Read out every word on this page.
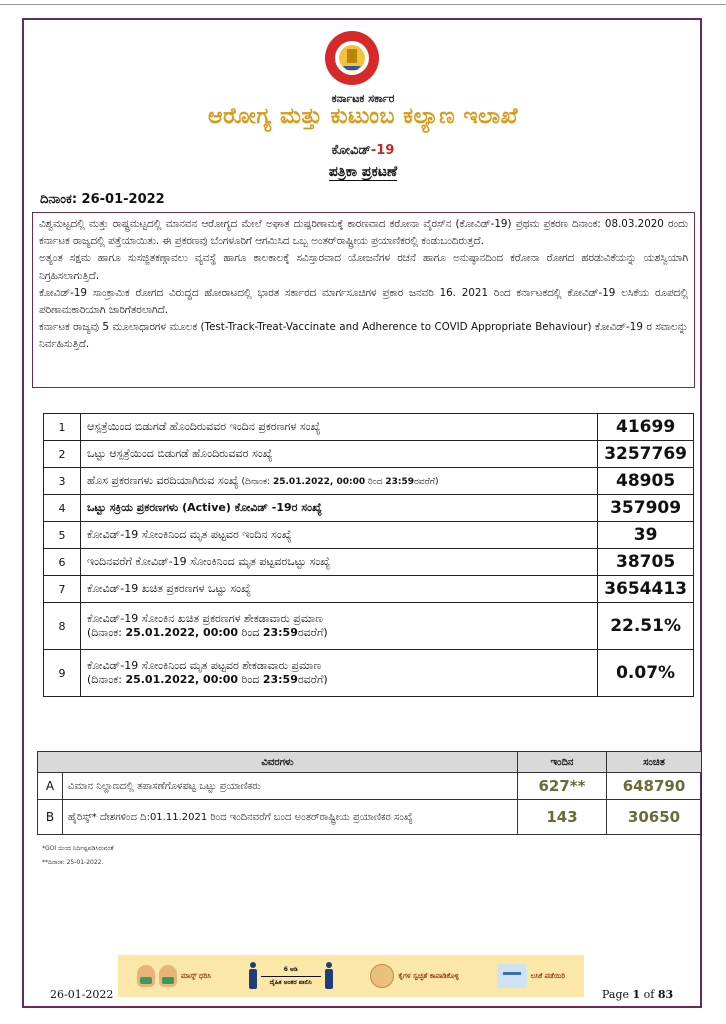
ಕರ್ನಾಟಕ ಸರ್ಕಾರ
ಆರೋಗ್ಯ ಮತ್ತು ಕುಟುಂಬ ಕಲ್ಯಾಣ ಇಲಾಖೆ
ಕೋವಿಡ್-19
ಪತ್ರಿಕಾ ಪ್ರಕಟಣೆ
ದಿನಾಂಕ: 26-01-2022

ವಿಶ್ವಮಟ್ಟದಲ್ಲಿ ಮತ್ತು ರಾಷ್ಟ್ರಮಟ್ಟದಲ್ಲಿ ಮಾನವನ ಆರೋಗ್ಯದ ಮೇಲೆ ಅಘಾತ ದುಷ್ಪರಿಣಾಮಕ್ಕೆ ಕಾರಣವಾದ ಕರೋನಾ ವೈರಸ್‌ನ (ಕೋವಿಡ್-19) ಪ್ರಥಮ ಪ್ರಕರಣ ದಿನಾಂಕ: 08.03.2020 ರಂದು ಕರ್ನಾಟಕ ರಾಜ್ಯದಲ್ಲಿ ಪತ್ತೆಯಾಯಿತು. ಈ ಪ್ರಕರಣವು ಬೆಂಗಳೂರಿಗೆ ಆಗಮಿಸಿದ ಒಬ್ಬ ಅಂತರ್‌ರಾಷ್ಟ್ರೀಯ ಪ್ರಯಾಣಿಕರಲ್ಲಿ ಕಂಡುಬಂದಿರುತ್ತದೆ.

ಅತ್ಯಂತ ಸಕ್ಷಮ ಹಾಗೂ ಸುಸಜ್ಜಿತಕಣ್ಗಾವಲು ವ್ಯವಸ್ಥೆ ಹಾಗೂ ಕಾಲಕಾಲಕ್ಕೆ ಸವಿಸ್ತಾರವಾದ ಯೋಜನೆಗಳ ರಚನೆ ಹಾಗೂ ಅನುಷ್ಠಾನದಿಂದ ಕರೋನಾ ರೋಗದ ಹರಡುವಿಕೆಯನ್ನು ಯಶಸ್ವಿಯಾಗಿ ನಿಗ್ರಹಿಸಲಾಗುತ್ತಿದೆ.

ಕೋವಿಡ್-19 ಸಾಂಕ್ರಾಮಿಕ ರೋಗದ ವಿರುದ್ಧದ ಹೋರಾಟದಲ್ಲಿ ಭಾರತ ಸರ್ಕಾರದ ಮಾರ್ಗಸೂಚಿಗಳ ಪ್ರಕಾರ ಜನವರಿ 16. 2021 ರಿಂದ ಕರ್ನಾಟಕದಲ್ಲಿ ಕೋವಿಡ್-19 ಲಸಿಕೆಯ ರೂಪದಲ್ಲಿ ಪರಿಣಾಮಕಾರಿಯಾಗಿ ಜಾರಿಗೆತರಲಾಗಿದೆ.

ಕರ್ನಾಟಕ ರಾಜ್ಯವು 5 ಮೂಲಾಧಾರಗಳ ಮೂಲಕ (Test-Track-Treat-Vaccinate and Adherence to COVID Appropriate Behaviour) ಕೋವಿಡ್-19 ರ ಸವಾಲನ್ನು ನಿರ್ವಹಿಸುತ್ತಿದೆ.

1	ಆಸ್ಪತ್ರೆಯಿಂದ ಬಿಡುಗಡೆ ಹೊಂದಿರುವವರ ಇಂದಿನ ಪ್ರಕರಣಗಳ ಸಂಖ್ಯೆ	41699
2	ಒಟ್ಟು ಆಸ್ಪತ್ರೆಯಿಂದ ಬಿಡುಗಡೆ ಹೊಂದಿರುವವರ ಸಂಖ್ಯೆ	3257769
3	ಹೊಸ ಪ್ರಕರಣಗಳು ವರದಿಯಾಗಿರುವ ಸಂಖ್ಯೆ (ದಿನಾಂಕ: 25.01.2022, 00:00 ರಿಂದ 23:59ರವರೆಗೆ)	48905
4	ಒಟ್ಟು ಸಕ್ರಿಯ ಪ್ರಕರಣಗಳು (Active) ಕೋವಿಡ್ -19ರ ಸಂಖ್ಯೆ	357909
5	ಕೋವಿಡ್-19 ಸೋಂಕಿನಿಂದ ಮೃತ ಪಟ್ಟವರ ಇಂದಿನ ಸಂಖ್ಯೆ	39
6	ಇಂದಿನವರೆಗೆ ಕೋವಿಡ್-19 ಸೋಂಕಿನಿಂದ ಮೃತ ಪಟ್ಟವರಒಟ್ಟು ಸಂಖ್ಯೆ	38705
7	ಕೋವಿಡ್-19 ಖಚಿತ ಪ್ರಕರಣಗಳ ಒಟ್ಟು ಸಂಖ್ಯೆ	3654413
8	ಕೋವಿಡ್-19 ಸೋಂಕಿನ ಖಚಿತ ಪ್ರಕರಣಗಳ ಶೇಕಡಾವಾರು ಪ್ರಮಾಣ
(ದಿನಾಂಕ: 25.01.2022, 00:00 ರಿಂದ 23:59ರವರೆಗೆ)	22.51%
9	ಕೋವಿಡ್-19 ಸೋಂಕಿನಿಂದ ಮೃತ ಪಟ್ಟವರ ಶೇಕಡಾವಾರು ಪ್ರಮಾಣ
(ದಿನಾಂಕ: 25.01.2022, 00:00 ರಿಂದ 23:59ರವರೆಗೆ)	0.07%
ವಿವರಗಳು		ಇಂದಿನ	ಸಂಚಿತ
A	ವಿಮಾನ ನಿಲ್ದಾಣದಲ್ಲಿ ತಪಾಸಣೆಗೊಳಪಟ್ಟ ಒಟ್ಟು ಪ್ರಯಾಣಿಕರು	627**	648790
B	ಹೈರಿಸ್ಕ್* ದೇಶಗಳಿಂದ ದಿ:01.11.2021 ರಿಂದ ಇಂದಿನವರೆಗೆ ಬಂದ ಅಂತರ್‌ರಾಷ್ಟ್ರೀಯ ಪ್ರಯಾಣಿಕರ ಸಂಖ್ಯೆ	143	30650
*GOI ಯಿಂದ ನಿರ್ದಿಷ್ಟಪಡಿಸಿರುವಂತೆ
**ದಿನಾಂಕ: 25-01-2022.
ಮಾಸ್ಕ್ ಧರಿಸಿ
6 ಅಡಿ
ದೈಹಿಕ ಅಂತರ ಪಾಲಿಸಿ
ಕೈಗಳ ಸ್ವಚ್ಛತೆ ಕಾಪಾಡಿಕೊಳ್ಳಿ	ಲಸಿಕೆ ಪಡೆಯಿರಿ
26-01-2022	Page 1 of 83
